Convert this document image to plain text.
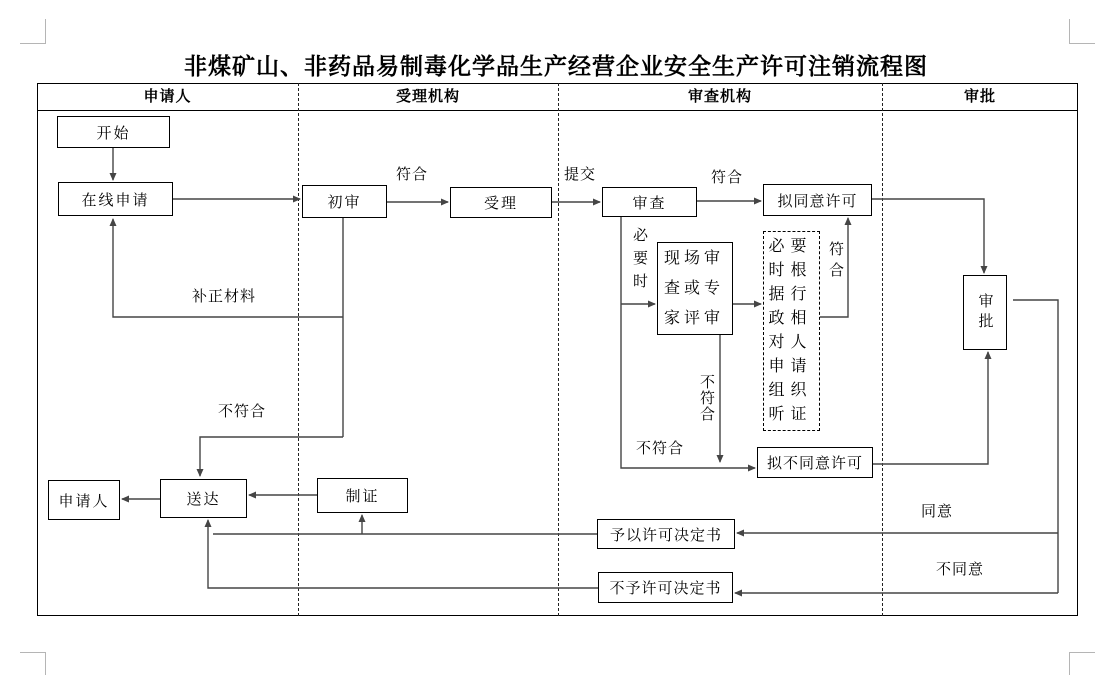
非煤矿山、非药品易制毒化学品生产经营企业安全生产许可注销流程图
申请人	受理机构	审查机构	审批
开始
在线申请	初审	受理	审查	拟同意许可
现场审查或专家评审
必要时根据行政相对人申请组织听证
审批
拟不同意许可
予以许可决定书
不予许可决定书
制证
送达
申请人
符合	提交	符合
必要时	符合
不符合
不符合
不符合
补正材料
同意
不同意
